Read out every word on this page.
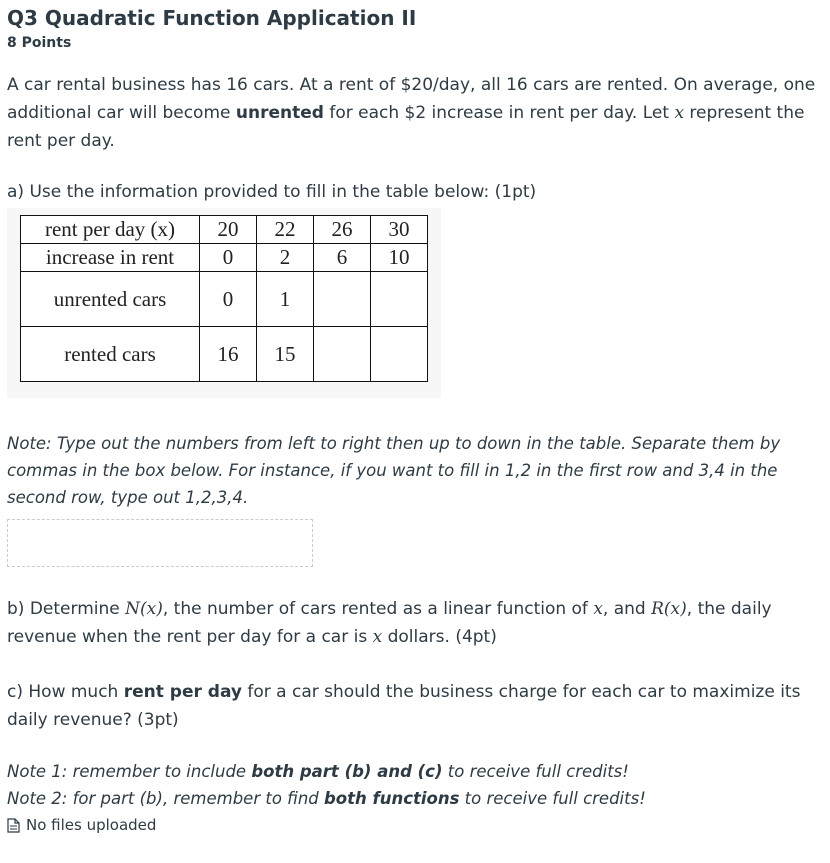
Q3 Quadratic Function Application II
8 Points
A car rental business has 16 cars. At a rent of $20/day, all 16 cars are rented. On average, one additional car will become unrented for each $2 increase in rent per day. Let x represent the rent per day.
a) Use the information provided to fill in the table below: (1pt)
rent per day (x)	20	22	26	30
increase in rent	0	2	6	10
unrented cars	0	1		
rented cars	16	15		
Note: Type out the numbers from left to right then up to down in the table. Separate them by commas in the box below. For instance, if you want to fill in 1,2 in the first row and 3,4 in the second row, type out 1,2,3,4.
b) Determine N(x), the number of cars rented as a linear function of x, and R(x), the daily revenue when the rent per day for a car is x dollars. (4pt)
c) How much rent per day for a car should the business charge for each car to maximize its daily revenue? (3pt)
Note 1: remember to include both part (b) and (c) to receive full credits!
Note 2: for part (b), remember to find both functions to receive full credits!
No files uploaded
